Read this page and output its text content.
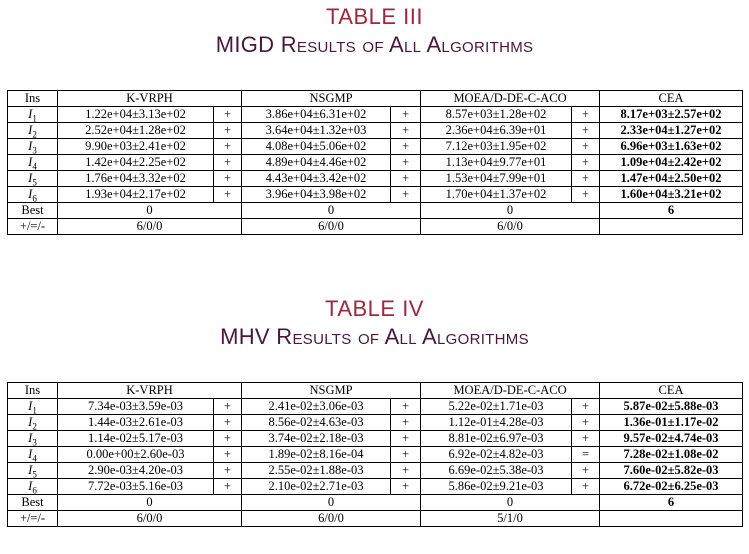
TABLE III
MIGD Results of All Algorithms
Ins	K-VRPH		NSGMP		MOEA/D-DE-C-ACO		CEA
$I_1$	1.22e+04±3.13e+02	+	3.86e+04±6.31e+02	+	8.57e+03±1.28e+02	+	8.17e+03±2.57e+02
$I_2$	2.52e+04±1.28e+02	+	3.64e+04±1.32e+03	+	2.36e+04±6.39e+01	+	2.33e+04±1.27e+02
$I_3$	9.90e+03±2.41e+02	+	4.08e+04±5.06e+02	+	7.12e+03±1.95e+02	+	6.96e+03±1.63e+02
$I_4$	1.42e+04±2.25e+02	+	4.89e+04±4.46e+02	+	1.13e+04±9.77e+01	+	1.09e+04±2.42e+02
$I_5$	1.76e+04±3.32e+02	+	4.43e+04±3.42e+02	+	1.53e+04±7.99e+01	+	1.47e+04±2.50e+02
$I_6$	1.93e+04±2.17e+02	+	3.96e+04±3.98e+02	+	1.70e+04±1.37e+02	+	1.60e+04±3.21e+02
Best	0		0		0		6
+/=/-	6/0/0		6/0/0		6/0/0		
TABLE IV
MHV Results of All Algorithms
Ins	K-VRPH		NSGMP		MOEA/D-DE-C-ACO		CEA
$I_1$	7.34e-03±3.59e-03	+	2.41e-02±3.06e-03	+	5.22e-02±1.71e-03	+	5.87e-02±5.88e-03
$I_2$	1.44e-03±2.61e-03	+	8.56e-02±4.63e-03	+	1.12e-01±4.28e-03	+	1.36e-01±1.17e-02
$I_3$	1.14e-02±5.17e-03	+	3.74e-02±2.18e-03	+	8.81e-02±6.97e-03	+	9.57e-02±4.74e-03
$I_4$	0.00e+00±2.60e-03	+	1.89e-02±8.16e-04	+	6.92e-02±4.82e-03	=	7.28e-02±1.08e-02
$I_5$	2.90e-03±4.20e-03	+	2.55e-02±1.88e-03	+	6.69e-02±5.38e-03	+	7.60e-02±5.82e-03
$I_6$	7.72e-03±5.16e-03	+	2.10e-02±2.71e-03	+	5.86e-02±9.21e-03	+	6.72e-02±6.25e-03
Best	0		0		0		6
+/=/-	6/0/0		6/0/0		5/1/0		
